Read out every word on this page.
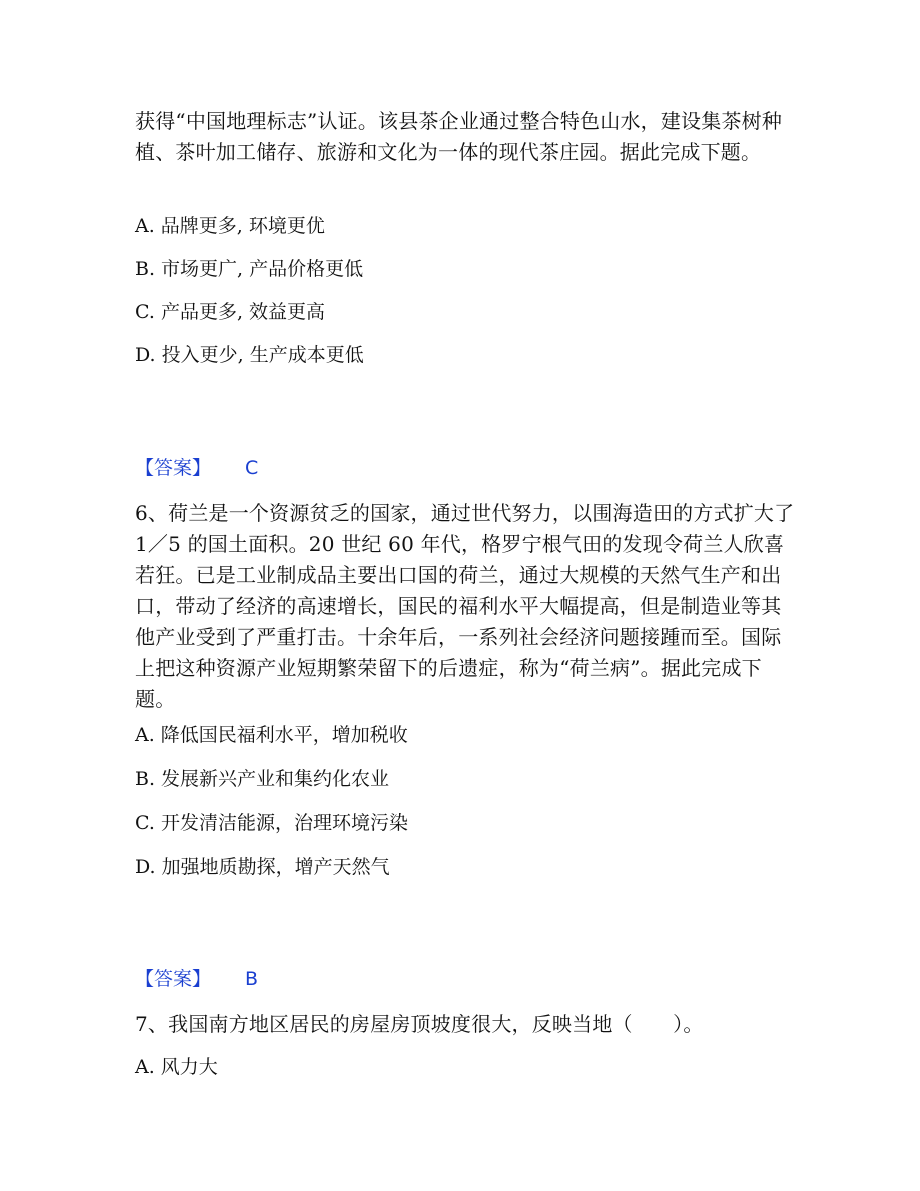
获得“中国地理标志”认证。该县茶企业通过整合特色山水，建设集茶树种植、茶叶加工储存、旅游和文化为一体的现代茶庄园。据此完成下题。

A. 品牌更多, 环境更优

B. 市场更广, 产品价格更低

C. 产品更多, 效益更高

D. 投入更少, 生产成本更低

【答案】 C

6、荷兰是一个资源贫乏的国家，通过世代努力，以围海造田的方式扩大了 1／5 的国土面积。20 世纪 60 年代，格罗宁根气田的发现令荷兰人欣喜若狂。已是工业制成品主要出口国的荷兰，通过大规模的天然气生产和出口，带动了经济的高速增长，国民的福利水平大幅提高，但是制造业等其他产业受到了严重打击。十余年后，一系列社会经济问题接踵而至。国际上把这种资源产业短期繁荣留下的后遗症，称为“荷兰病”。据此完成下题。

A. 降低国民福利水平，增加税收

B. 发展新兴产业和集约化农业

C. 开发清洁能源，治理环境污染

D. 加强地质勘探，增产天然气

【答案】 B

7、我国南方地区居民的房屋房顶坡度很大，反映当地（　　）。

A. 风力大
